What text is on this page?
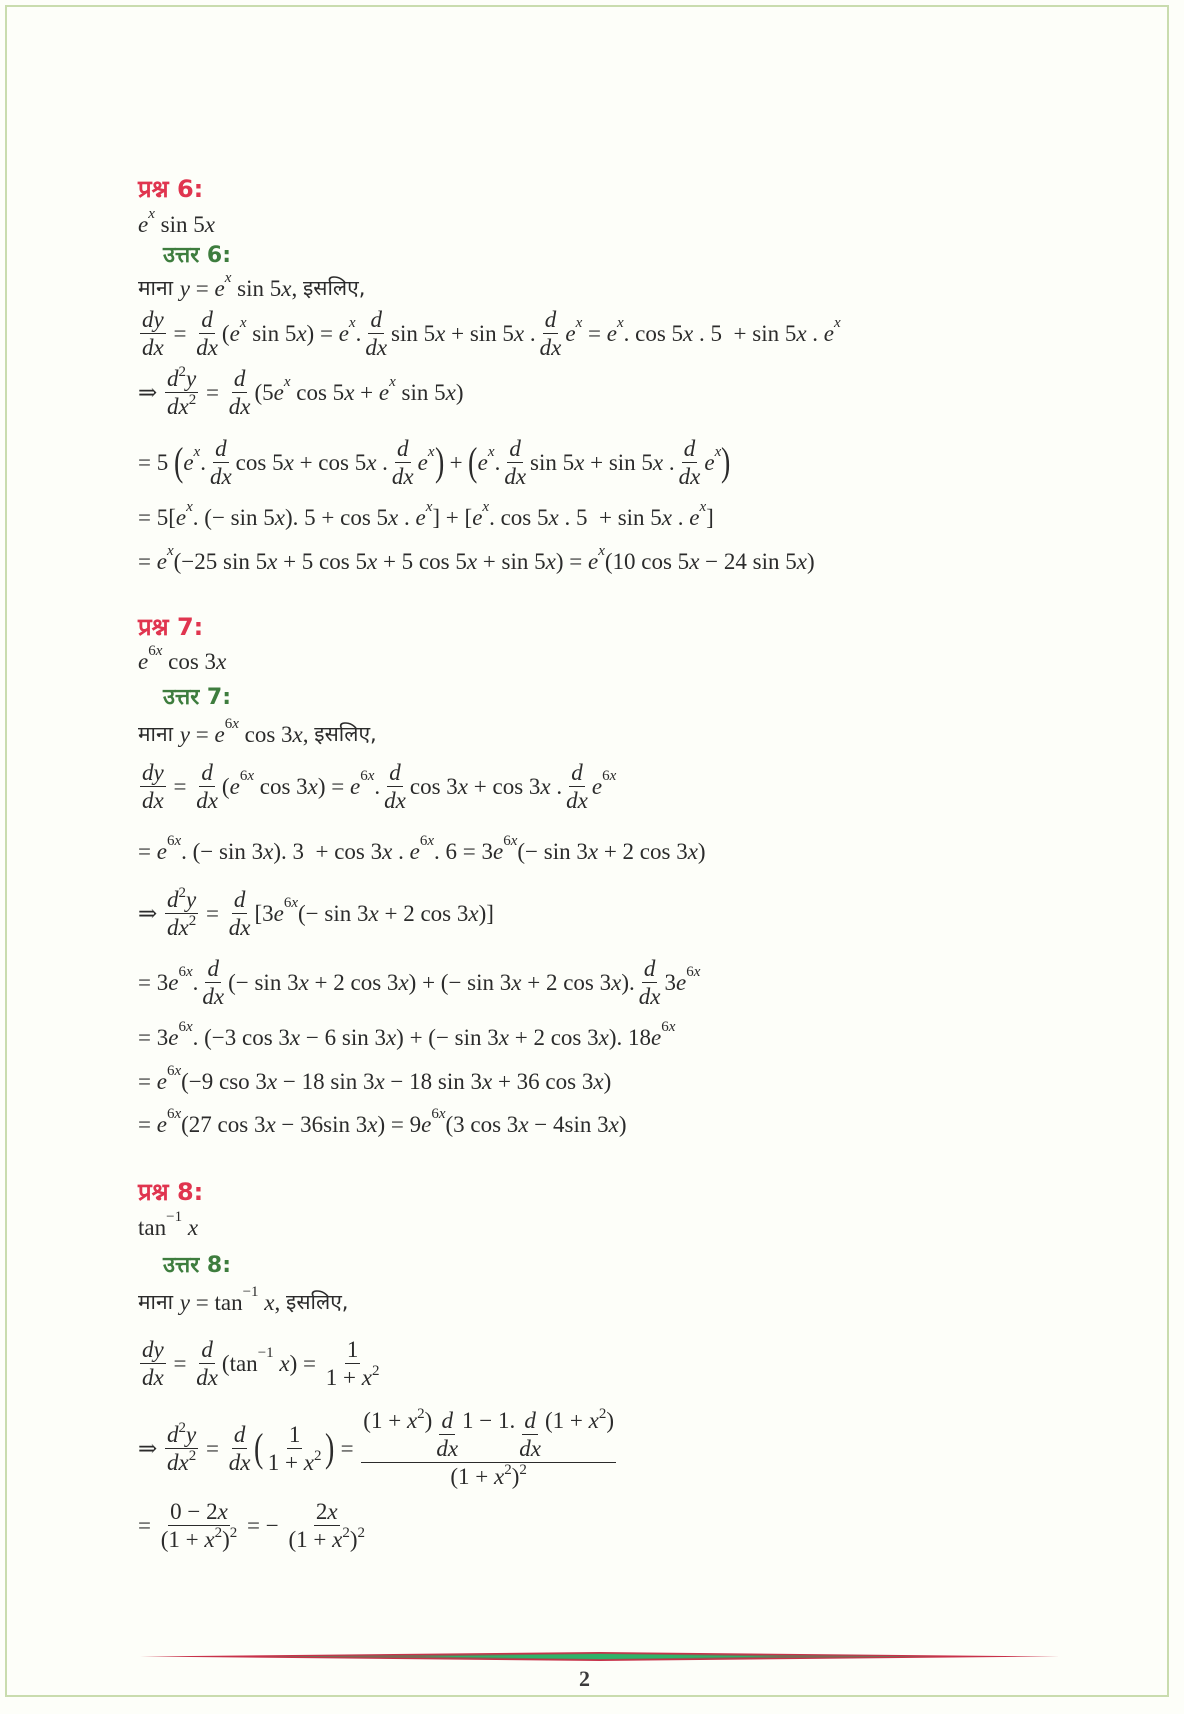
प्रश्न 6:
e x sin 5 x
उत्तर 6:
माना y = e x sin 5 x , इसलिए,
$\frac{dy}{dx} = \frac{d}{dx}$ ( e x sin 5 x ) = e x . $\frac{d}{dx}$ sin 5 x + sin 5 x . $\frac{d}{dx}$ e x = e x . cos 5 x . 5  + sin 5 x . e x
⇒ $\frac{d 2 y}{dx 2} = \frac{d}{dx} (5$ e x cos 5 x + e x sin 5 x )
= 5 ( e x . $\frac{d}{dx}$ cos 5 x + cos 5 x . $\frac{d}{dx}$ e x ) + ( e x . $\frac{d}{dx}$ sin 5 x + sin 5 x . $\frac{d}{dx}$ e x )
= 5[ e x . (− sin 5 x ). 5 + cos 5 x . e x ] + [ e x . cos 5 x . 5  + sin 5 x . e x ]
= e x (−25 sin 5 x + 5 cos 5 x + 5 cos 5 x + sin 5 x ) = e x (10 cos 5 x − 24 sin 5 x )
प्रश्न 7:
e 6x cos 3 x
उत्तर 7:
माना y = e 6x cos 3 x , इसलिए,
$\frac{dy}{dx} = \frac{d}{dx}$ ( e 6x cos 3 x ) = e 6x . $\frac{d}{dx}$ cos 3 x + cos 3 x . $\frac{d}{dx}$ e 6x
= e 6x . (− sin 3 x ). 3  + cos 3 x . e 6x . 6 = 3 e 6x (− sin 3 x + 2 cos 3 x )
⇒ $\frac{d 2 y}{dx 2} = \frac{d}{dx} [3$ e 6x (− sin 3 x + 2 cos 3 x )]
= 3 e 6x . $\frac{d}{dx}$ (− sin 3 x + 2 cos 3 x ) + (− sin 3 x + 2 cos 3 x ). $\frac{d}{dx} 3$ e 6x
= 3 e 6x . (−3 cos 3 x − 6 sin 3 x ) + (− sin 3 x + 2 cos 3 x ). 18 e 6x
= e 6x (−9 cso 3 x − 18 sin 3 x − 18 sin 3 x + 36 cos 3 x )
= e 6x (27 cos 3 x − 36sin 3 x ) = 9 e 6x (3 cos 3 x − 4sin 3 x )
प्रश्न 8:
tan −1
x
उत्तर 8:
माना y = tan −1
x , इसलिए,
$\frac{dy}{dx} = \frac{d}{dx} (\tan -1$
x ) = $\frac{1}{1 + x 2}$
⇒ $\frac{d 2 y}{dx 2} = \frac{d}{dx}$ ( $\frac{1}{1 + x 2}$ ) = $\frac{(1 + x 2 ) \frac{d}{dx} 1 - 1. \frac{d}{dx} (1 + x 2 )}{(1 + x 2 ) 2}$
= $\frac{0 - 2 x}{(1 + x 2 ) 2}$ = − $\frac{2 x}{(1 + x 2 ) 2}$
2
